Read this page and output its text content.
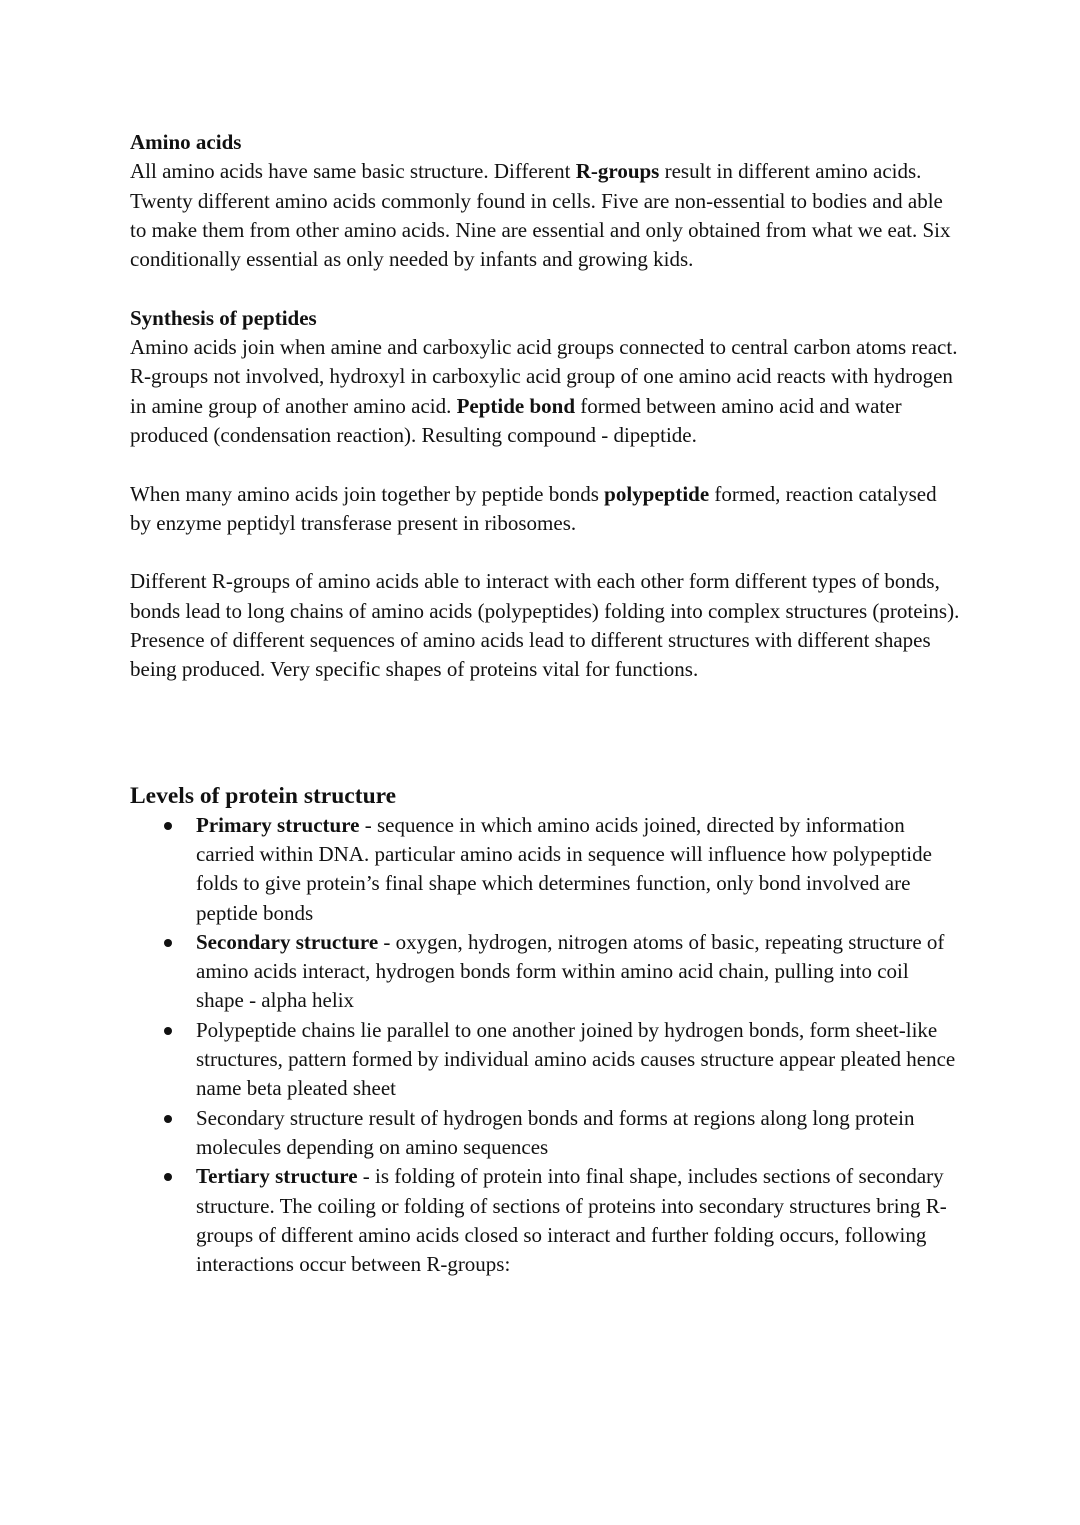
Amino acids

All amino acids have same basic structure. Different R-groups result in different amino acids. Twenty different amino acids commonly found in cells. Five are non-essential to bodies and able to make them from other amino acids. Nine are essential and only obtained from what we eat. Six conditionally essential as only needed by infants and growing kids.

Synthesis of peptides

Amino acids join when amine and carboxylic acid groups connected to central carbon atoms react. R-groups not involved, hydroxyl in carboxylic acid group of one amino acid reacts with hydrogen in amine group of another amino acid. Peptide bond formed between amino acid and water produced (condensation reaction). Resulting compound - dipeptide.

When many amino acids join together by peptide bonds polypeptide formed, reaction catalysed by enzyme peptidyl transferase present in ribosomes.

Different R-groups of amino acids able to interact with each other form different types of bonds, bonds lead to long chains of amino acids (polypeptides) folding into complex structures (proteins). Presence of different sequences of amino acids lead to different structures with different shapes being produced. Very specific shapes of proteins vital for functions.

Levels of protein structure

Primary structure - sequence in which amino acids joined, directed by information carried within DNA. particular amino acids in sequence will influence how polypeptide folds to give protein’s final shape which determines function, only bond involved are peptide bonds
Secondary structure - oxygen, hydrogen, nitrogen atoms of basic, repeating structure of amino acids interact, hydrogen bonds form within amino acid chain, pulling into coil shape - alpha helix
Polypeptide chains lie parallel to one another joined by hydrogen bonds, form sheet-like structures, pattern formed by individual amino acids causes structure appear pleated hence name beta pleated sheet
Secondary structure result of hydrogen bonds and forms at regions along long protein molecules depending on amino sequences
Tertiary structure - is folding of protein into final shape, includes sections of secondary structure. The coiling or folding of sections of proteins into secondary structures bring R-groups of different amino acids closed so interact and further folding occurs, following interactions occur between R-groups:
